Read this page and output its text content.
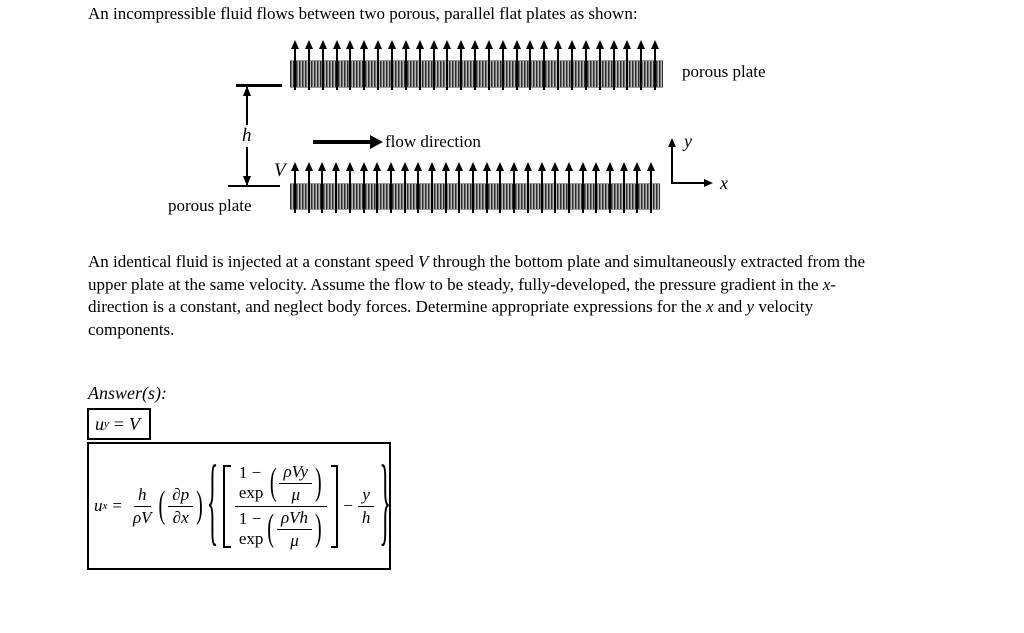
An incompressible fluid flows between two porous, parallel flat plates as shown:
porous plate
h	flow direction
V
porous plate
y
x
An identical fluid is injected at a constant speed V through the bottom plate and simultaneously extracted from the
upper plate at the same velocity. Assume the flow to be steady, fully-developed, the pressure gradient in the x-
direction is a constant, and neglect body forces. Determine appropriate expressions for the x and y velocity
components.
Answer(s):
u y = V
u $x = \frac{h}{\rho V}$ ( ∂p
∂x ) { 1 − exp ( ρVy
μ )
1 − exp ( ρVh
μ )
− $\frac{y}{h}$ }
